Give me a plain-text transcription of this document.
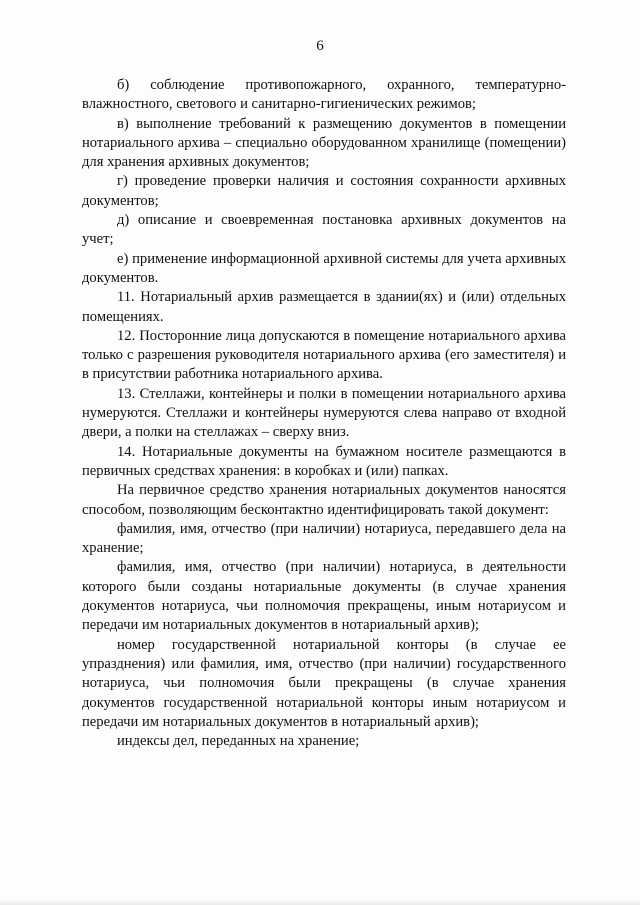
6

б) соблюдение противопожарного, охранного, температурно-влажностного, светового и санитарно-гигиенических режимов;

в) выполнение требований к размещению документов в помещении нотариального архива – специально оборудованном хранилище (помещении) для хранения архивных документов;

г) проведение проверки наличия и состояния сохранности архивных документов;

д) описание и своевременная постановка архивных документов на учет;

е) применение информационной архивной системы для учета архивных документов.

11. Нотариальный архив размещается в здании(ях) и (или) отдельных помещениях.

12. Посторонние лица допускаются в помещение нотариального архива только с разрешения руководителя нотариального архива (его заместителя) и в присутствии работника нотариального архива.

13. Стеллажи, контейнеры и полки в помещении нотариального архива нумеруются. Стеллажи и контейнеры нумеруются слева направо от входной двери, а полки на стеллажах – сверху вниз.

14. Нотариальные документы на бумажном носителе размещаются в первичных средствах хранения: в коробках и (или) папках.

На первичное средство хранения нотариальных документов наносятся способом, позволяющим бесконтактно идентифицировать такой документ:

фамилия, имя, отчество (при наличии) нотариуса, передавшего дела на хранение;

фамилия, имя, отчество (при наличии) нотариуса, в деятельности которого были созданы нотариальные документы (в случае хранения документов нотариуса, чьи полномочия прекращены, иным нотариусом и передачи им нотариальных документов в нотариальный архив);

номер государственной нотариальной конторы (в случае ее упразднения) или фамилия, имя, отчество (при наличии) государственного нотариуса, чьи полномочия были прекращены (в случае хранения документов государственной нотариальной конторы иным нотариусом и передачи им нотариальных документов в нотариальный архив);

индексы дел, переданных на хранение;
